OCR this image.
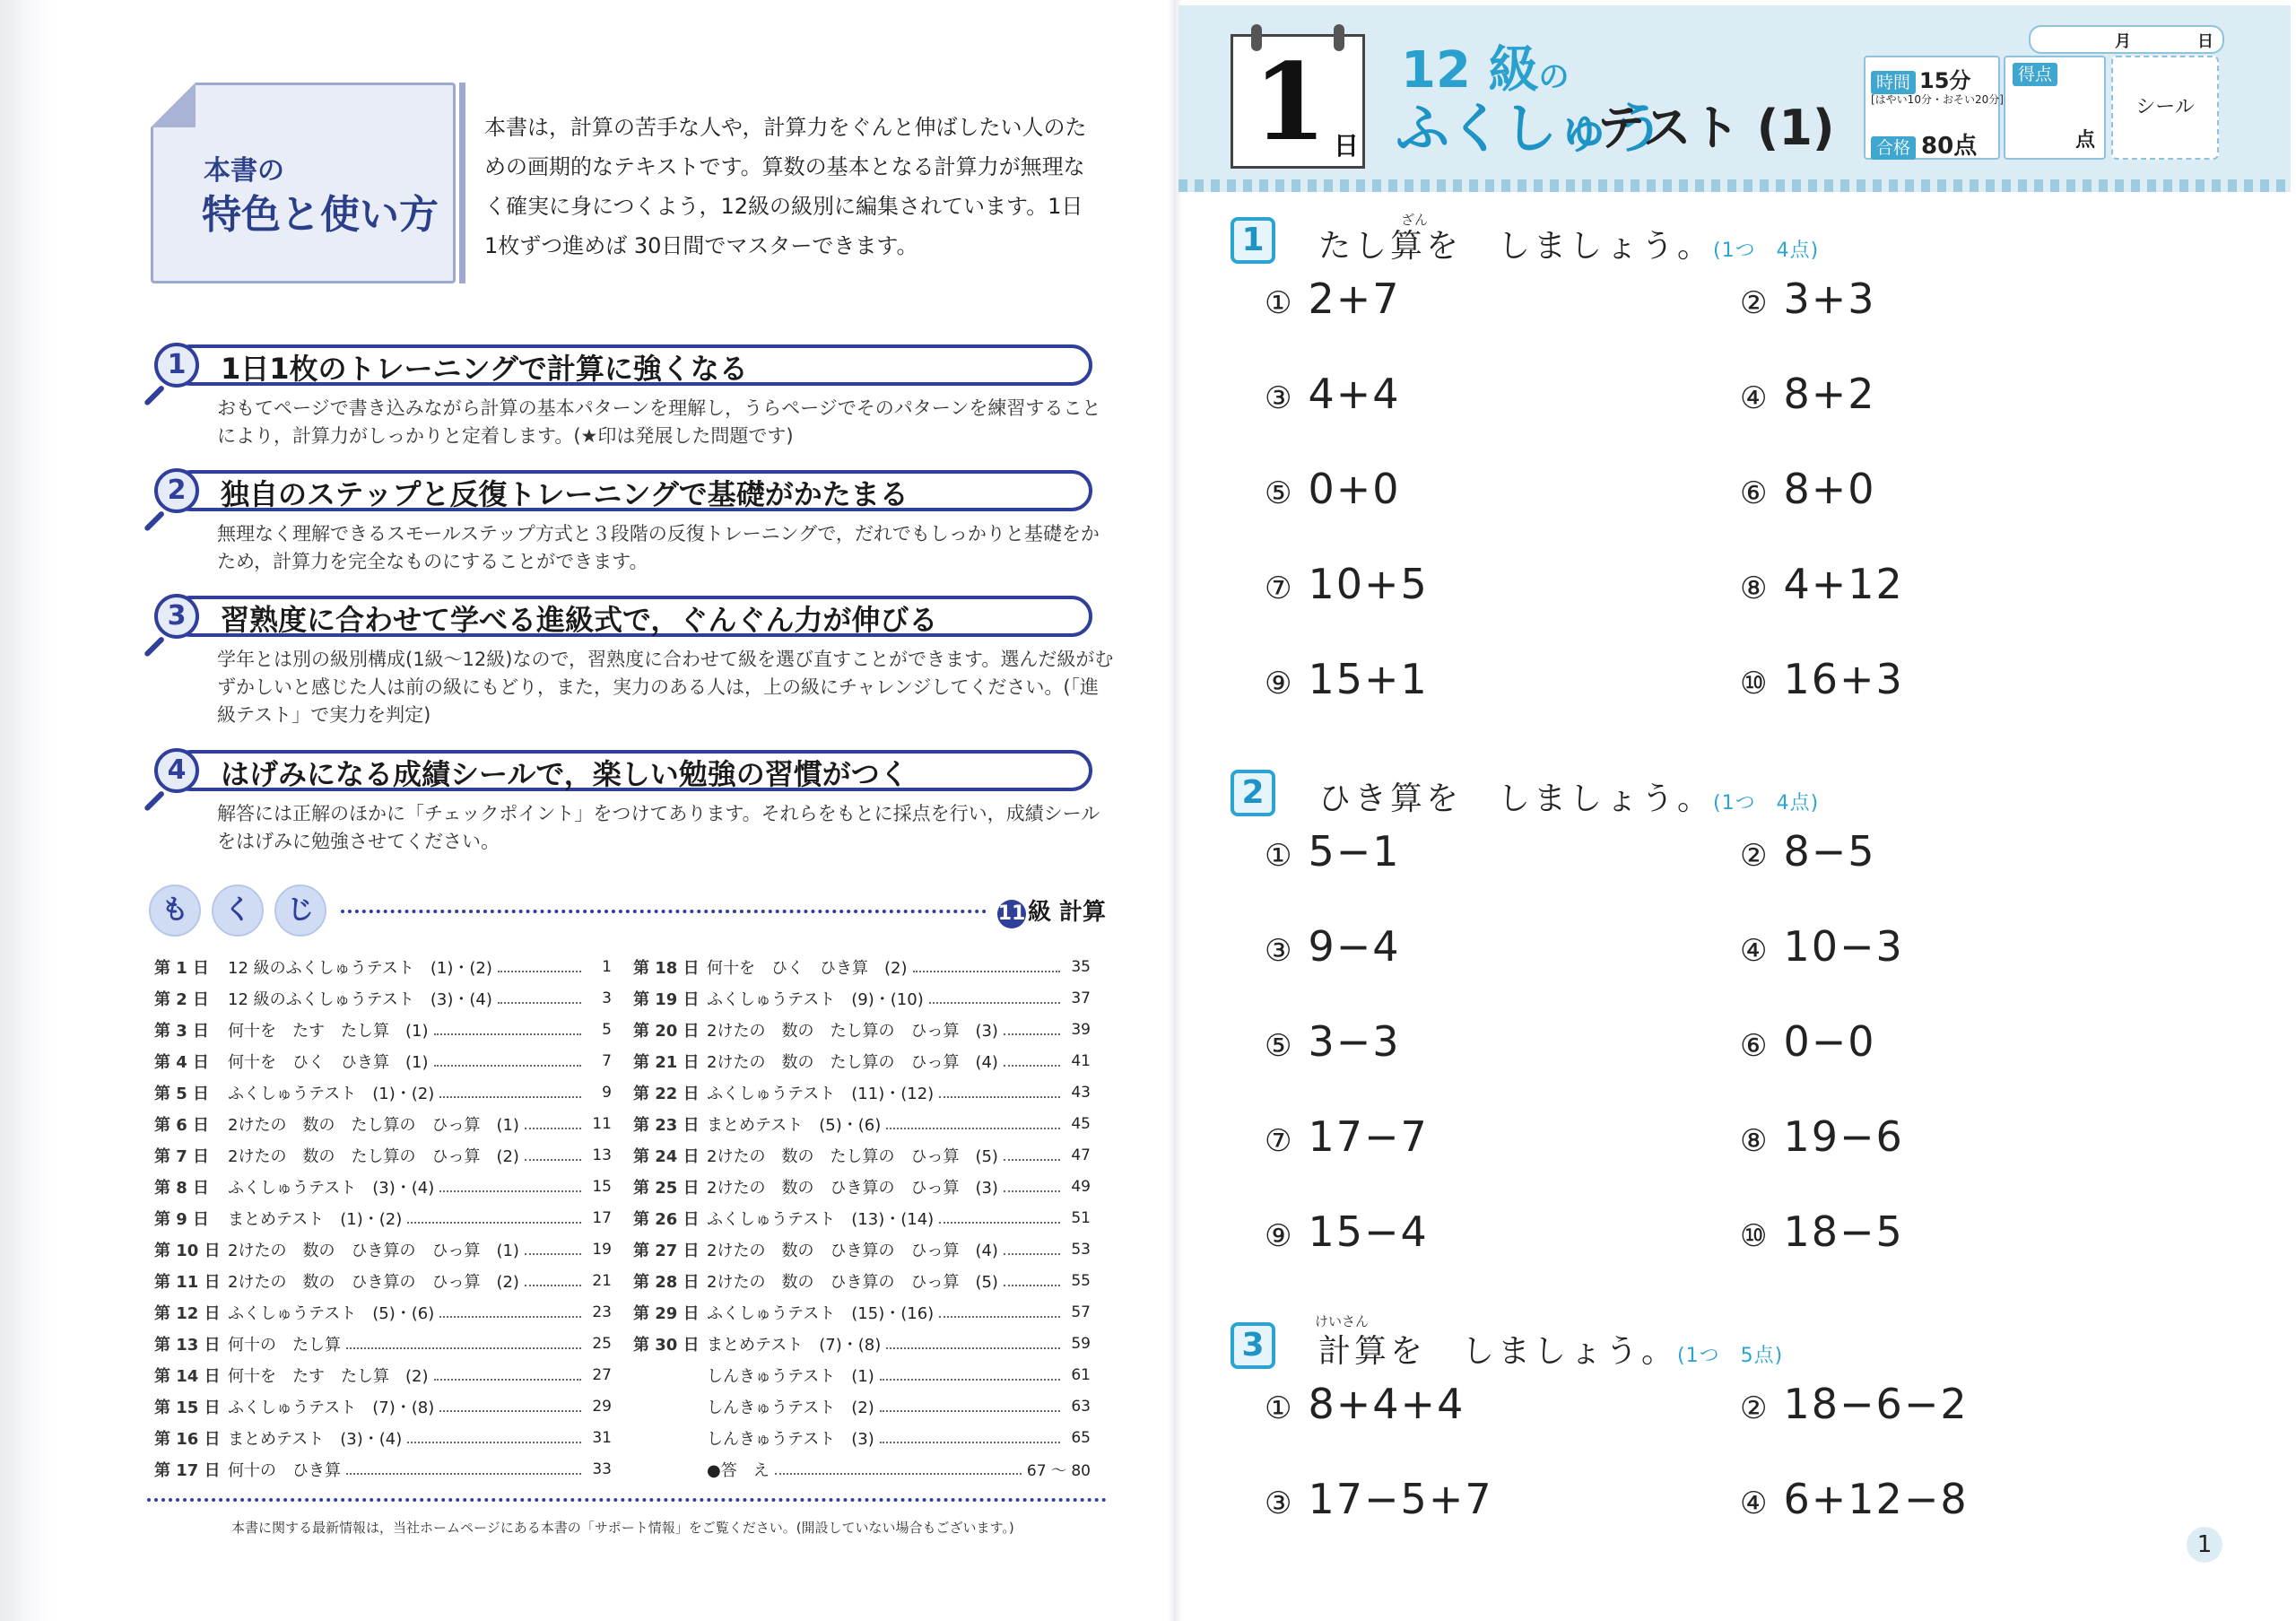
本書の
特色と使い方
本書は，計算の苦手な人や，計算力をぐんと伸ばしたい人のための画期的なテキストです。算数の基本となる計算力が無理なく確実に身につくよう，12級の級別に編集されています。1日 1枚ずつ進めば 30日間でマスターできます。
1	1日1枚のトレーニングで計算に強くなる
おもてページで書き込みながら計算の基本パターンを理解し，うらページでそのパターンを練習することにより，計算力がしっかりと定着します。(★印は発展した問題です)
2	独自のステップと反復トレーニングで基礎がかたまる
無理なく理解できるスモールステップ方式と３段階の反復トレーニングで，だれでもしっかりと基礎をかため，計算力を完全なものにすることができます。
3	習熟度に合わせて学べる進級式で，ぐんぐん力が伸びる
学年とは別の級別構成(1級～12級)なので，習熟度に合わせて級を選び直すことができます。選んだ級がむずかしいと感じた人は前の級にもどり，また，実力のある人は，上の級にチャレンジしてください。(「進級テスト」で実力を判定)
4	はげみになる成績シールで，楽しい勉強の習慣がつく
解答には正解のほかに「チェックポイント」をつけてあります。それらをもとに採点を行い，成績シールをはげみに勉強させてください。
も	く	じ	11 級 計算
第 1 日	12 級のふくしゅうテスト　(1)・(2)	1
第 2 日	12 級のふくしゅうテスト　(3)・(4)	3
第 3 日	何十を　たす　たし算　(1)	5
第 4 日	何十を　ひく　ひき算　(1)	7
第 5 日	ふくしゅうテスト　(1)・(2)	9
第 6 日	2けたの　数の　たし算の　ひっ算　(1)	11
第 7 日	2けたの　数の　たし算の　ひっ算　(2)	13
第 8 日	ふくしゅうテスト　(3)・(4)	15
第 9 日	まとめテスト　(1)・(2)	17
第 10 日 2けたの　数の　ひき算の　ひっ算　(1)	19
第 11 日 2けたの　数の　ひき算の　ひっ算　(2)	21
第 12 日 ふくしゅうテスト　(5)・(6)	23
第 13 日 何十の　たし算	25
第 14 日 何十を　たす　たし算　(2)	27
第 15 日 ふくしゅうテスト　(7)・(8)	29
第 16 日 まとめテスト　(3)・(4)	31
第 17 日 何十の　ひき算	33
第 18 日 何十を　ひく　ひき算　(2)	35
第 19 日 ふくしゅうテスト　(9)・(10)	37
第 20 日 2けたの　数の　たし算の　ひっ算　(3)	39
第 21 日 2けたの　数の　たし算の　ひっ算　(4)	41
第 22 日 ふくしゅうテスト　(11)・(12)	43
第 23 日 まとめテスト　(5)・(6)	45
第 24 日 2けたの　数の　たし算の　ひっ算　(5)	47
第 25 日 2けたの　数の　ひき算の　ひっ算　(3)	49
第 26 日 ふくしゅうテスト　(13)・(14)	51
第 27 日 2けたの　数の　ひき算の　ひっ算　(4)	53
第 28 日 2けたの　数の　ひき算の　ひっ算　(5)	55
第 29 日 ふくしゅうテスト　(15)・(16)	57
第 30 日 まとめテスト　(7)・(8)	59
しんきゅうテスト　(1)	61
しんきゅうテスト　(2)	63
しんきゅうテスト　(3)	65
●答　え	67 ～ 80
本書に関する最新情報は，当社ホームページにある本書の「サポート情報」をご覧ください。(開設していない場合もございます。)
1 日
12 級の
ふくしゅう
テスト (1)
月	日
時間 15分
[はやい10分・おそい20分]
合格 80点
得点
点
シール
1
ざん
たし算を　しましょう。(1つ　4点)
① 2+7	② 3+3
③ 4+4	④ 8+2
⑤ 0+0	⑥ 8+0
⑦ 10+5	⑧ 4+12
⑨ 15+1	⑩ 16+3
2	ひき算を　しましょう。(1つ　4点)
① 5−1	② 8−5
③ 9−4	④ 10−3
⑤ 3−3	⑥ 0−0
⑦ 17−7	⑧ 19−6
⑨ 15−4	⑩ 18−5
3
けいさん
計算を　しましょう。(1つ　5点)
① 8+4+4	② 18−6−2
③ 17−5+7	④ 6+12−8
1
